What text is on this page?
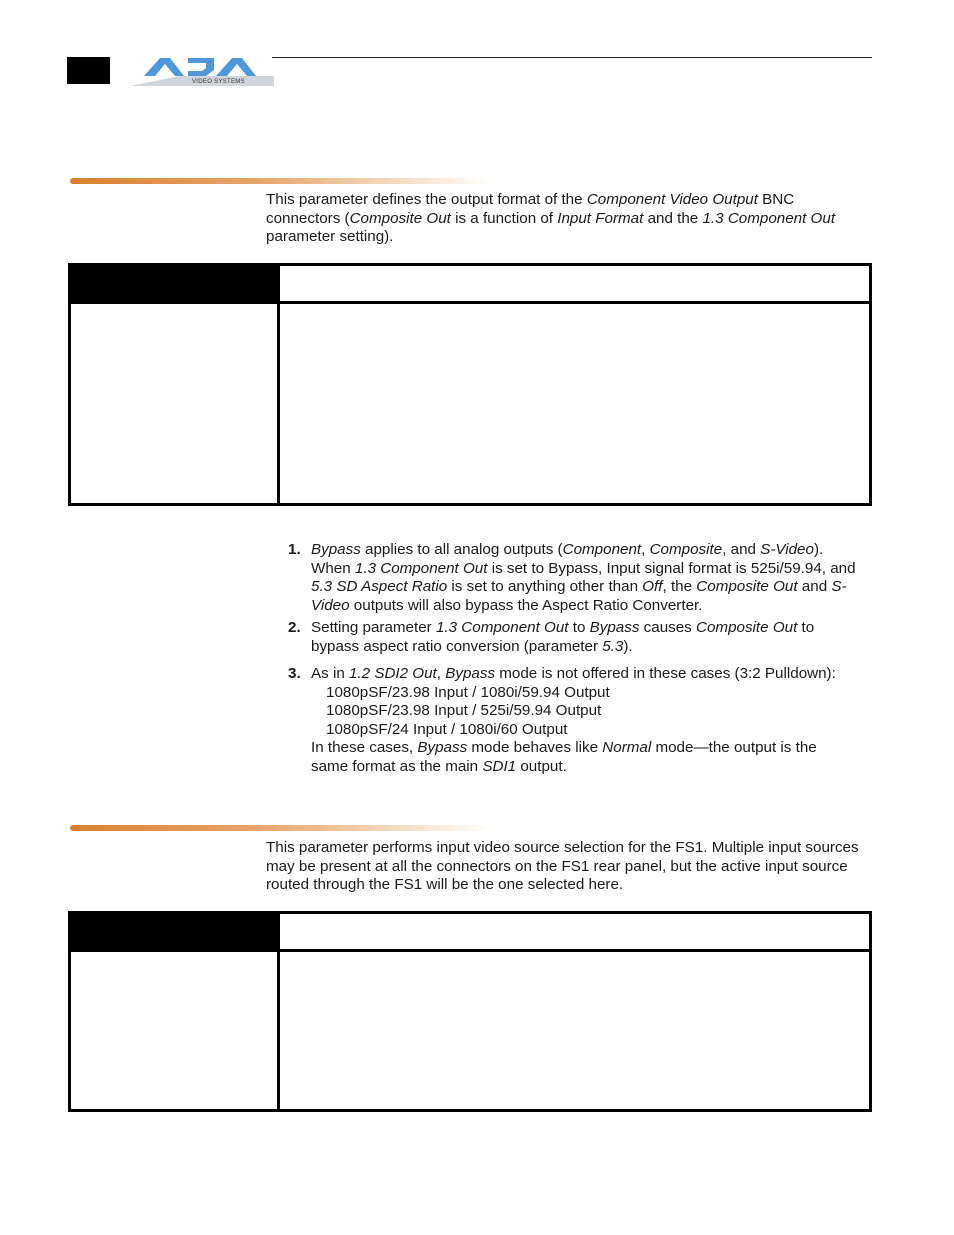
VIDEO SYSTEMS
This parameter defines the output format of the Component Video Output BNC connectors (Composite Out is a function of Input Format and the 1.3 Component Out parameter setting).

1. Bypass applies to all analog outputs (Component, Composite, and S-Video). When 1.3 Component Out is set to Bypass, Input signal format is 525i/59.94, and 5.3 SD Aspect Ratio is set to anything other than Off, the Composite Out and S-Video outputs will also bypass the Aspect Ratio Converter.

2. Setting parameter 1.3 Component Out to Bypass causes Composite Out to bypass aspect ratio conversion (parameter 5.3).

3. As in 1.2 SDI2 Out, Bypass mode is not offered in these cases (3:2 Pulldown):
1080pSF/23.98 Input / 1080i/59.94 Output
1080pSF/23.98 Input / 525i/59.94 Output
1080pSF/24 Input / 1080i/60 Output
In these cases, Bypass mode behaves like Normal mode—the output is the same format as the main SDI1 output.
This parameter performs input video source selection for the FS1. Multiple input sources may be present at all the connectors on the FS1 rear panel, but the active input source routed through the FS1 will be the one selected here.
